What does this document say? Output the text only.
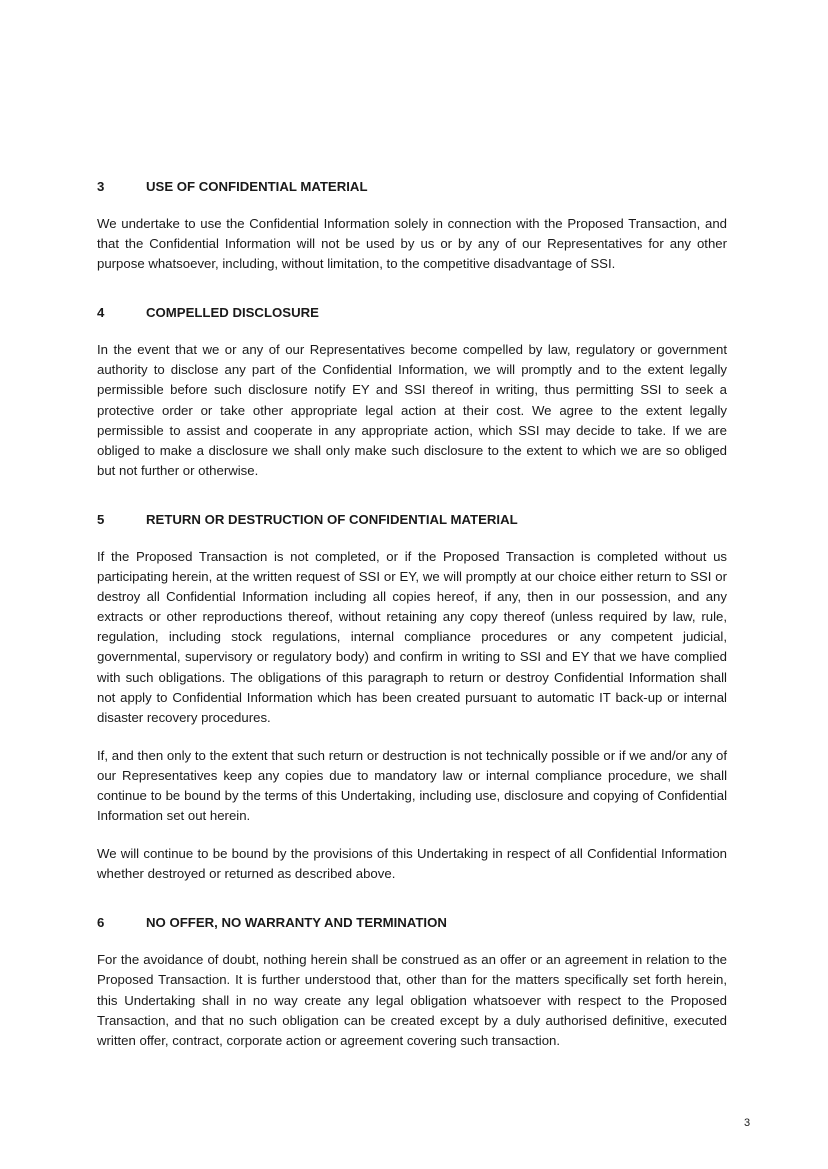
3	USE OF CONFIDENTIAL MATERIAL

We undertake to use the Confidential Information solely in connection with the Proposed Transaction, and that the Confidential Information will not be used by us or by any of our Representatives for any other purpose whatsoever, including, without limitation, to the competitive disadvantage of SSI.

4	COMPELLED DISCLOSURE

In the event that we or any of our Representatives become compelled by law, regulatory or government authority to disclose any part of the Confidential Information, we will promptly and to the extent legally permissible before such disclosure notify EY and SSI thereof in writing, thus permitting SSI to seek a protective order or take other appropriate legal action at their cost. We agree to the extent legally permissible to assist and cooperate in any appropriate action, which SSI may decide to take. If we are obliged to make a disclosure we shall only make such disclosure to the extent to which we are so obliged but not further or otherwise.

5	RETURN OR DESTRUCTION OF CONFIDENTIAL MATERIAL

If the Proposed Transaction is not completed, or if the Proposed Transaction is completed without us participating herein, at the written request of SSI or EY, we will promptly at our choice either return to SSI or destroy all Confidential Information including all copies hereof, if any, then in our possession, and any extracts or other reproductions thereof, without retaining any copy thereof (unless required by law, rule, regulation, including stock regulations, internal compliance procedures or any competent judicial, governmental, supervisory or regulatory body) and confirm in writing to SSI and EY that we have complied with such obligations. The obligations of this paragraph to return or destroy Confidential Information shall not apply to Confidential Information which has been created pursuant to automatic IT back-up or internal disaster recovery procedures.

If, and then only to the extent that such return or destruction is not technically possible or if we and/or any of our Representatives keep any copies due to mandatory law or internal compliance procedure, we shall continue to be bound by the terms of this Undertaking, including use, disclosure and copying of Confidential Information set out herein.

We will continue to be bound by the provisions of this Undertaking in respect of all Confidential Information whether destroyed or returned as described above.

6	NO OFFER, NO WARRANTY AND TERMINATION

For the avoidance of doubt, nothing herein shall be construed as an offer or an agreement in relation to the Proposed Transaction. It is further understood that, other than for the matters specifically set forth herein, this Undertaking shall in no way create any legal obligation whatsoever with respect to the Proposed Transaction, and that no such obligation can be created except by a duly authorised definitive, executed written offer, contract, corporate action or agreement covering such transaction.

3
